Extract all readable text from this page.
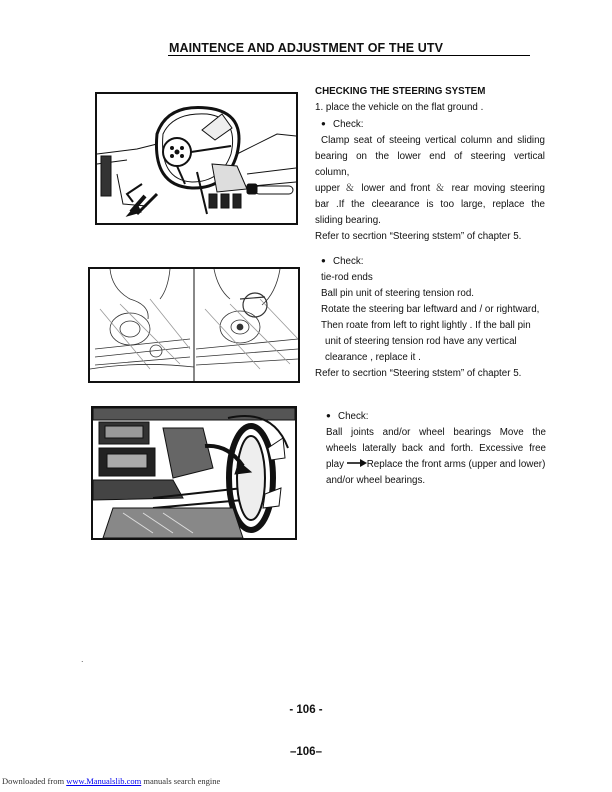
MAINTENCE AND ADJUSTMENT OF THE UTV
CHECKING THE STEERING SYSTEM
1. place the vehicle on the flat ground .
● Check:
Clamp seat of steeing vertical column and sliding
bearing on the lower end of steering vertical
column,
upper ＆ lower and front ＆ rear moving steering
bar .If the cleearance is too large, replace the
sliding bearing.
Refer to secrtion “Steering ststem” of chapter 5.
● Check:
tie-rod ends
Ball pin unit of steering tension rod.
Rotate the steering bar leftward and / or rightward,
Then roate from left to right lightly . If the ball pin
unit of steering tension rod have any vertical
clearance , replace it .
Refer to secrtion “Steering ststem” of chapter 5.
● Check:
Ball joints and/or wheel bearings Move the
wheels laterally back and forth. Excessive free
play Replace the front arms (upper and lower)
and/or wheel bearings.
.
- 106 -
–106–
Downloaded from www.Manualslib.com manuals search engine
